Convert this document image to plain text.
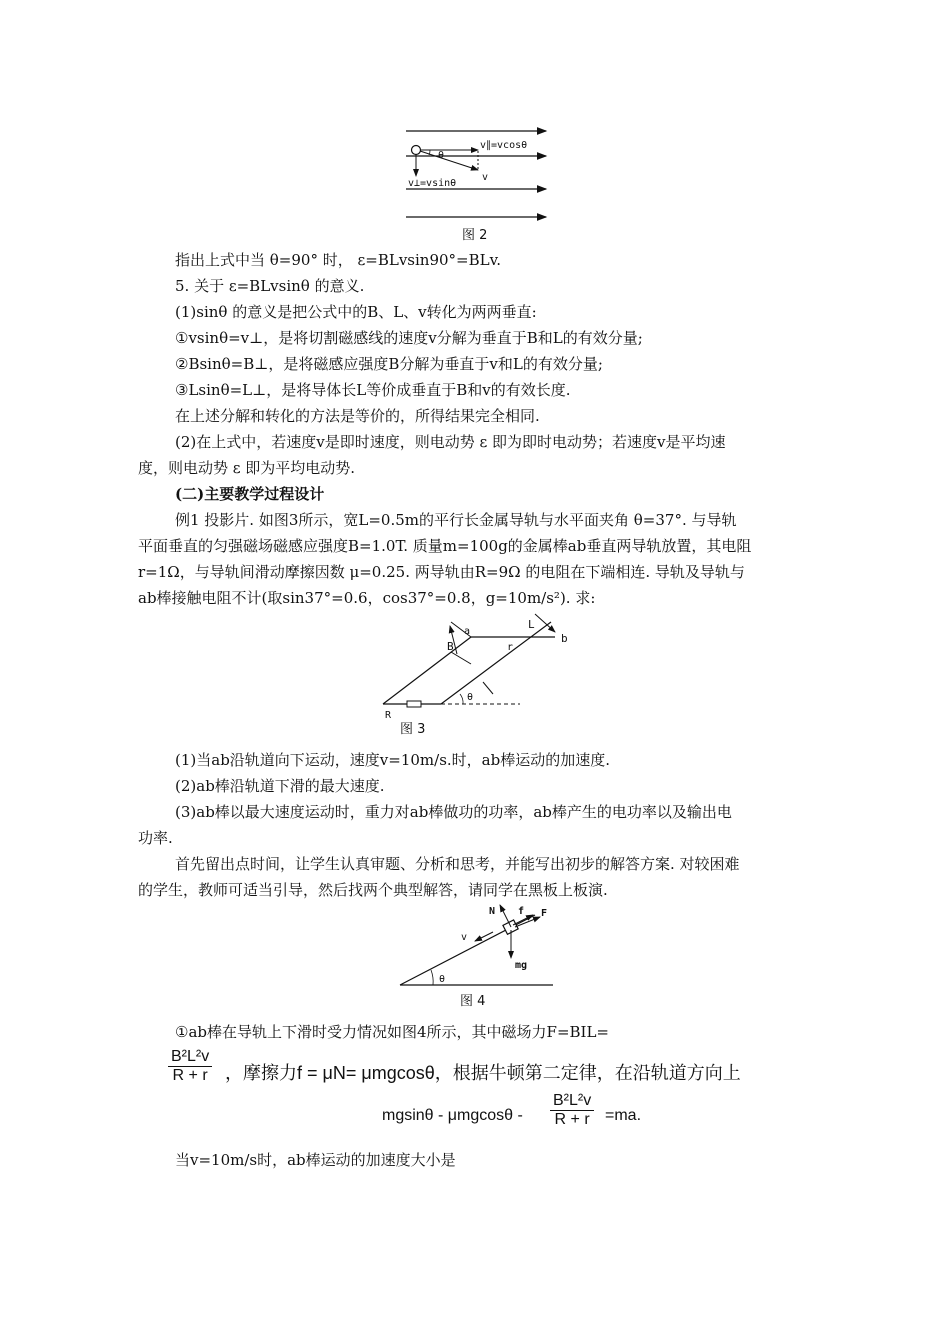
v∥=vcosθ
θ
v
v⊥=vsinθ
图 2
指出上式中当 θ=90° 时， ε=BLvsin90°=BLv.
5. 关于 ε=BLvsinθ 的意义.
(1)sinθ 的意义是把公式中的B、L、v转化为两两垂直:
①vsinθ=v⊥，是将切割磁感线的速度v分解为垂直于B和L的有效分量;
②Bsinθ=B⊥，是将磁感应强度B分解为垂直于v和L的有效分量;
③Lsinθ=L⊥，是将导体长L等价成垂直于B和v的有效长度.
在上述分解和转化的方法是等价的，所得结果完全相同.
(2)在上式中，若速度v是即时速度，则电动势 ε 即为即时电动势；若速度v是平均速
度，则电动势 ε 即为平均电动势.
(二)主要教学过程设计
例1 投影片. 如图3所示，宽L=0.5m的平行长金属导轨与水平面夹角 θ=37°. 与导轨
平面垂直的匀强磁场磁感应强度B=1.0T. 质量m=100g的金属棒ab垂直两导轨放置，其电阻
r=1Ω，与导轨间滑动摩擦因数 μ=0.25. 两导轨由R=9Ω 的电阻在下端相连. 导轨及导轨与
ab棒接触电阻不计(取sin37°=0.6，cos37°=0.8，g=10m/s²). 求:
B
a
L
b
r
θ
R
图 3
(1)当ab沿轨道向下运动，速度v=10m/s.时，ab棒运动的加速度.
(2)ab棒沿轨道下滑的最大速度.
(3)ab棒以最大速度运动时，重力对ab棒做功的功率，ab棒产生的电功率以及输出电
功率.
首先留出点时间，让学生认真审题、分析和思考，并能写出初步的解答方案. 对较困难
的学生，教师可适当引导，然后找两个典型解答，请同学在黑板上板演.
N f F
v
mg
θ
图 4
①ab棒在导轨上下滑时受力情况如图4所示，其中磁场力F=BIL=
$\frac{\text{B²L²v}}{R + r}$ ，摩擦力f = μN= μmgcosθ，根据牛顿第二定律，在沿轨道方向上
$mgsin\theta - \mu mgcos\theta - \frac{\text{B²L²v}}{R + r} =ma$.
当v=10m/s时，ab棒运动的加速度大小是
